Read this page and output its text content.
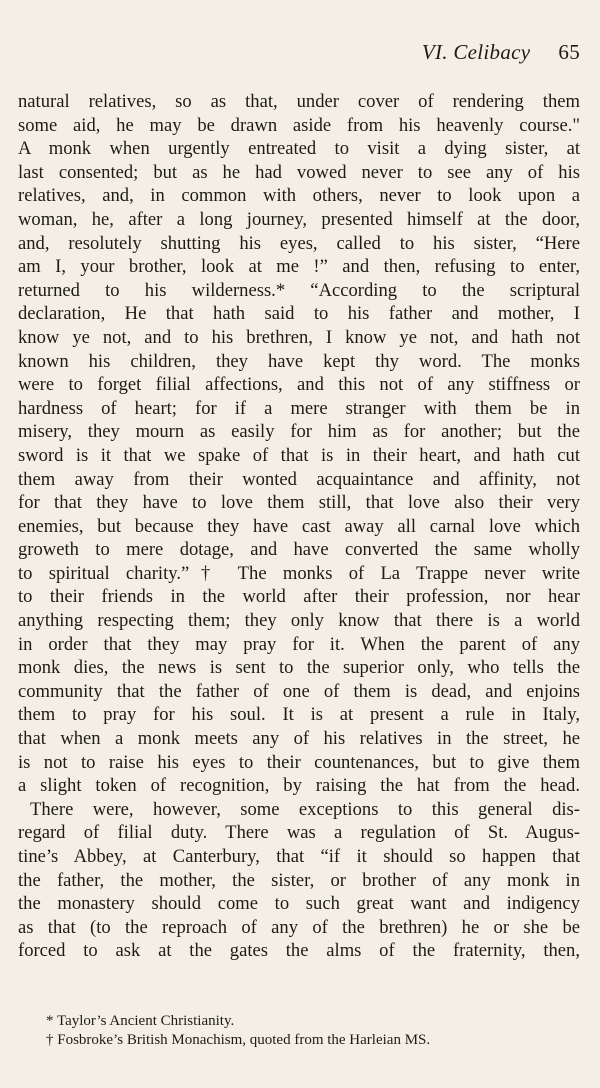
VI. Celibacy 65
natural relatives, so as that, under cover of rendering them
some aid, he may be drawn aside from his heavenly course."
A monk when urgently entreated to visit a dying sister, at
last consented; but as he had vowed never to see any of his
relatives, and, in common with others, never to look upon a
woman, he, after a long journey, presented himself at the door,
and, resolutely shutting his eyes, called to his sister, “Here
am I, your brother, look at me !” and then, refusing to enter,
returned to his wilderness.* “According to the scriptural
declaration, He that hath said to his father and mother, I
know ye not, and to his brethren, I know ye not, and hath not
known his children, they have kept thy word. The monks
were to forget filial affections, and this not of any stiffness or
hardness of heart; for if a mere stranger with them be in
misery, they mourn as easily for him as for another; but the
sword is it that we spake of that is in their heart, and hath cut
them away from their wonted acquaintance and affinity, not
for that they have to love them still, that love also their very
enemies, but because they have cast away all carnal love which
groweth to mere dotage, and have converted the same wholly
to spiritual charity.”† The monks of La Trappe never write
to their friends in the world after their profession, nor hear
anything respecting them; they only know that there is a world
in order that they may pray for it. When the parent of any
monk dies, the news is sent to the superior only, who tells the
community that the father of one of them is dead, and enjoins
them to pray for his soul. It is at present a rule in Italy,
that when a monk meets any of his relatives in the street, he
is not to raise his eyes to their countenances, but to give them
a slight token of recognition, by raising the hat from the head.
There were, however, some exceptions to this general dis-
regard of filial duty. There was a regulation of St. Augus-
tine’s Abbey, at Canterbury, that “if it should so happen that
the father, the mother, the sister, or brother of any monk in
the monastery should come to such great want and indigency
as that (to the reproach of any of the brethren) he or she be
forced to ask at the gates the alms of the fraternity, then,
* Taylor’s Ancient Christianity.
† Fosbroke’s British Monachism, quoted from the Harleian MS.
